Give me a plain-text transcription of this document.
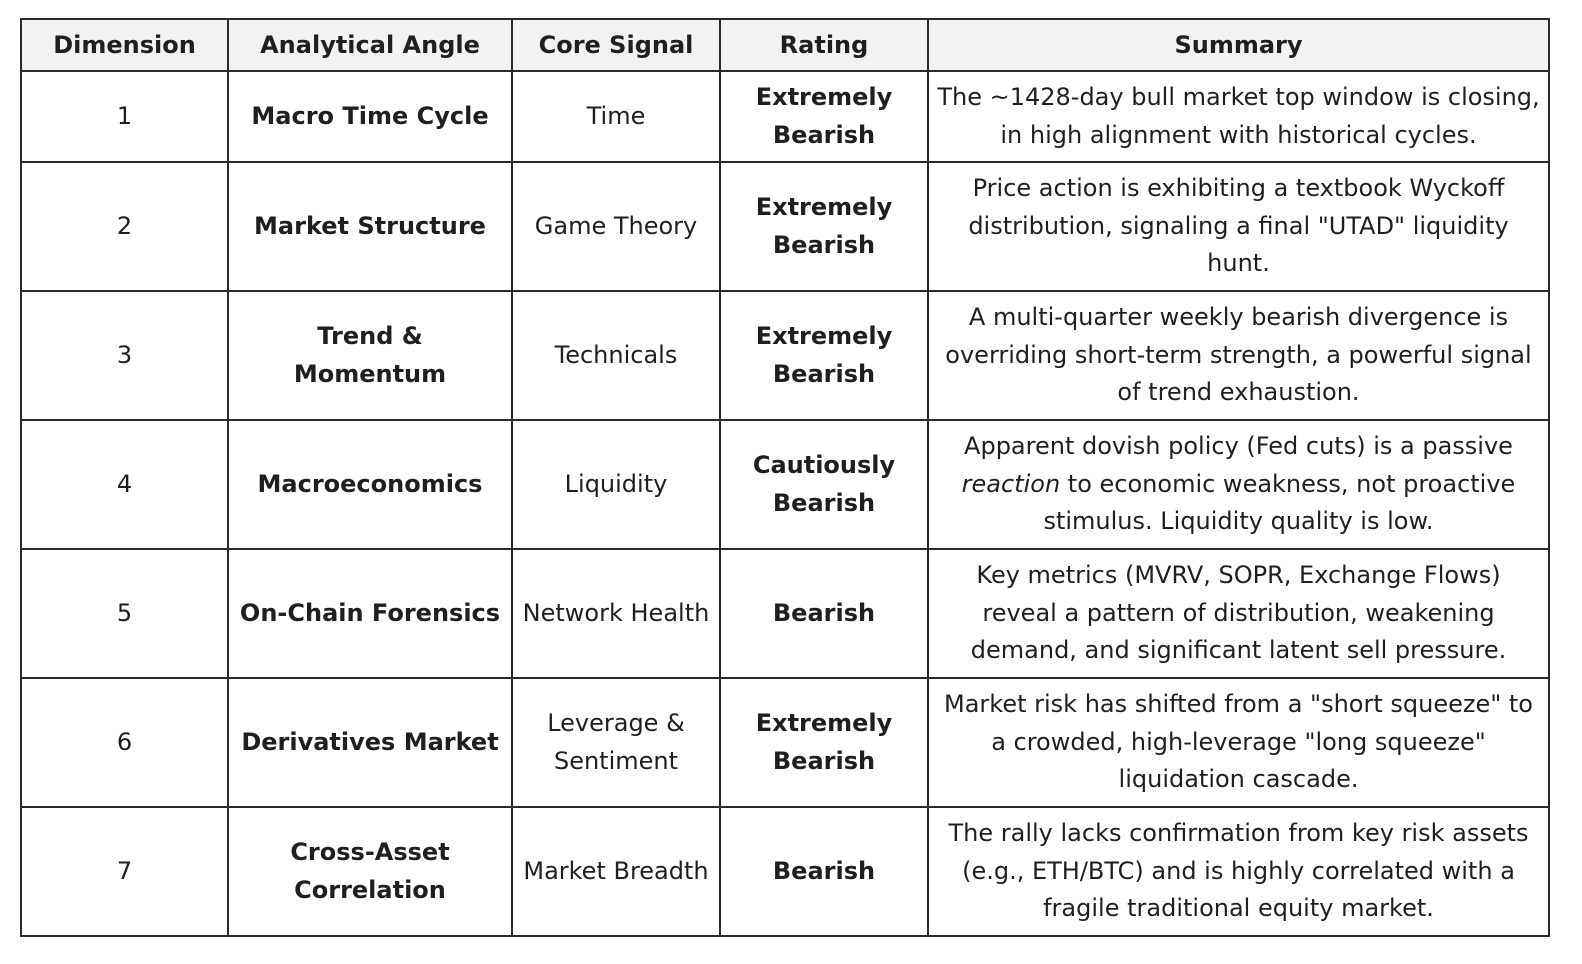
Dimension	Analytical Angle	Core Signal	Rating	Summary
1	Macro Time Cycle	Time	Extremely Bearish	The ~1428-day bull market top window is closing, in high alignment with historical cycles.
2	Market Structure	Game Theory	Extremely Bearish	Price action is exhibiting a textbook Wyckoff distribution, signaling a final "UTAD" liquidity hunt.
3	Trend & Momentum	Technicals	Extremely Bearish	A multi-quarter weekly bearish divergence is overriding short-term strength, a powerful signal of trend exhaustion.
4	Macroeconomics	Liquidity	Cautiously Bearish	Apparent dovish policy (Fed cuts) is a passive reaction to economic weakness, not proactive stimulus. Liquidity quality is low.
5	On-Chain Forensics	Network Health	Bearish	Key metrics (MVRV, SOPR, Exchange Flows) reveal a pattern of distribution, weakening demand, and significant latent sell pressure.
6	Derivatives Market	Leverage & Sentiment	Extremely Bearish	Market risk has shifted from a "short squeeze" to a crowded, high-leverage "long squeeze" liquidation cascade.
7	Cross-Asset Correlation	Market Breadth	Bearish	The rally lacks confirmation from key risk assets (e.g., ETH/BTC) and is highly correlated with a fragile traditional equity market.
